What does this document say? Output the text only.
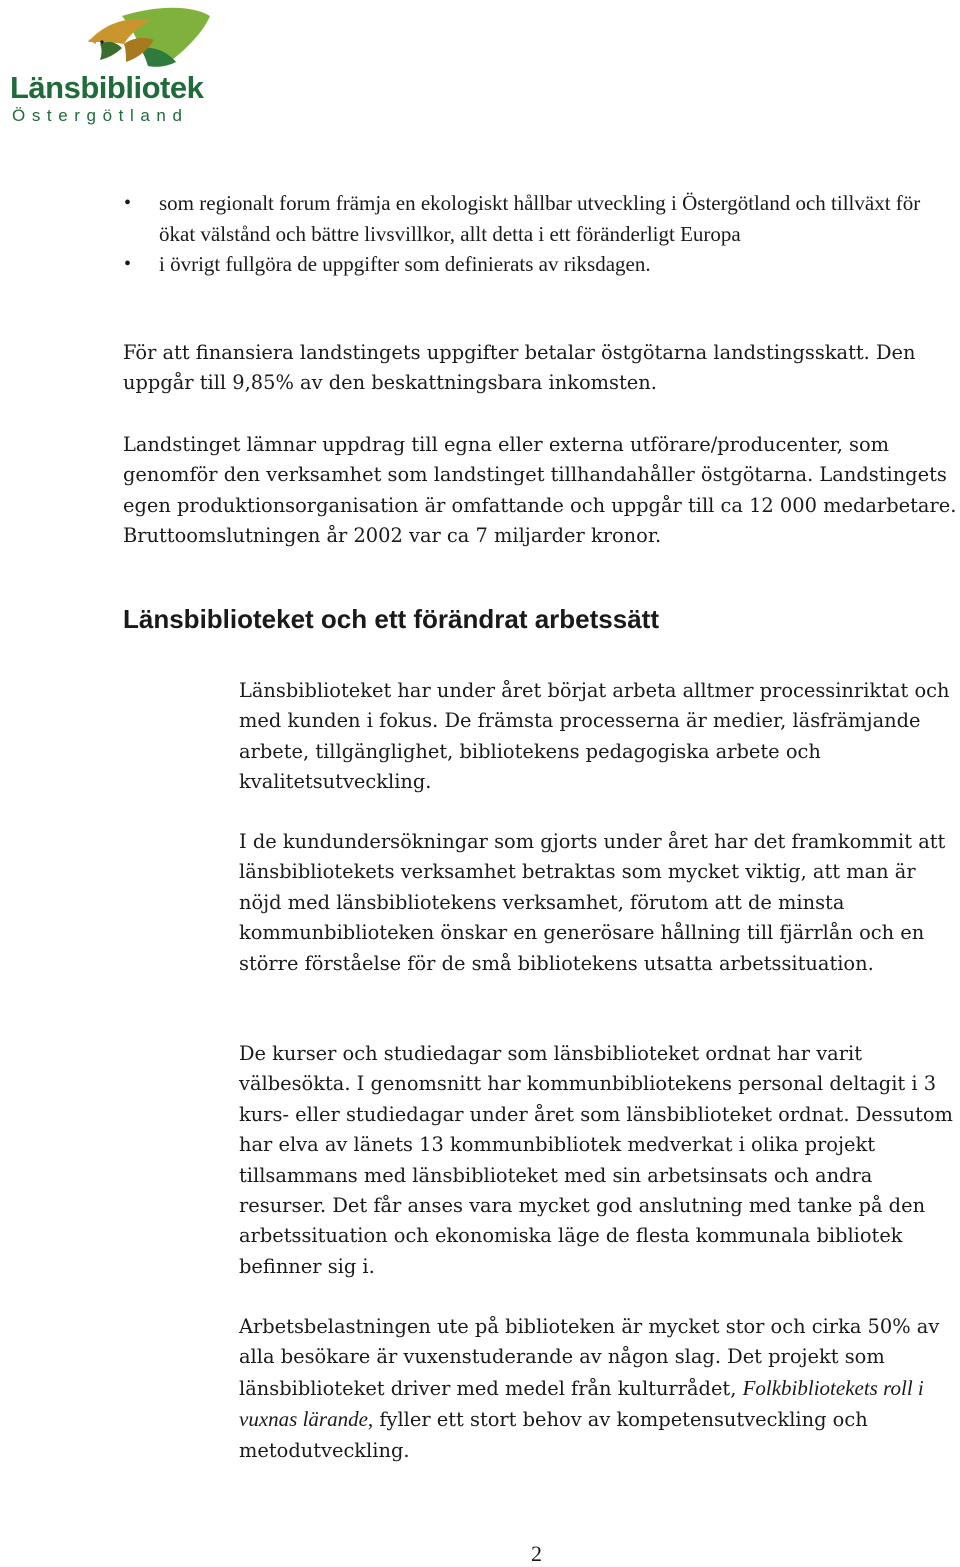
Länsbibliotek
Östergötland
• som regionalt forum främja en ekologiskt hållbar utveckling i Östergötland och tillväxt för ökat välstånd och bättre livsvillkor, allt detta i ett föränderligt Europa
• i övrigt fullgöra de uppgifter som definierats av riksdagen.

För att finansiera landstingets uppgifter betalar östgötarna landstingsskatt. Den uppgår till 9,85% av den beskattningsbara inkomsten.

Landstinget lämnar uppdrag till egna eller externa utförare/producenter, som genomför den verksamhet som landstinget tillhandahåller östgötarna. Landstingets egen produktionsorganisation är omfattande och uppgår till ca 12 000 medarbetare. Bruttoomslutningen år 2002 var ca 7 miljarder kronor.

Länsbiblioteket och ett förändrat arbetssätt

Länsbiblioteket har under året börjat arbeta alltmer processinriktat och med kunden i fokus. De främsta processerna är medier, läsfrämjande arbete, tillgänglighet, bibliotekens pedagogiska arbete och kvalitetsutveckling.

I de kundundersökningar som gjorts under året har det framkommit att länsbibliotekets verksamhet betraktas som mycket viktig, att man är nöjd med länsbibliotekens verksamhet, förutom att de minsta kommunbiblioteken önskar en generösare hållning till fjärrlån och en större förståelse för de små bibliotekens utsatta arbetssituation.

De kurser och studiedagar som länsbiblioteket ordnat har varit välbesökta. I genomsnitt har kommunbibliotekens personal deltagit i 3 kurs- eller studiedagar under året som länsbiblioteket ordnat. Dessutom har elva av länets 13 kommunbibliotek medverkat i olika projekt tillsammans med länsbiblioteket med sin arbetsinsats och andra resurser. Det får anses vara mycket god anslutning med tanke på den arbetssituation och ekonomiska läge de flesta kommunala bibliotek befinner sig i.

Arbetsbelastningen ute på biblioteken är mycket stor och cirka 50% av alla besökare är vuxenstuderande av någon slag. Det projekt som länsbiblioteket driver med medel från kulturrådet, Folkbibliotekets roll i vuxnas lärande, fyller ett stort behov av kompetensutveckling och metodutveckling.

2
